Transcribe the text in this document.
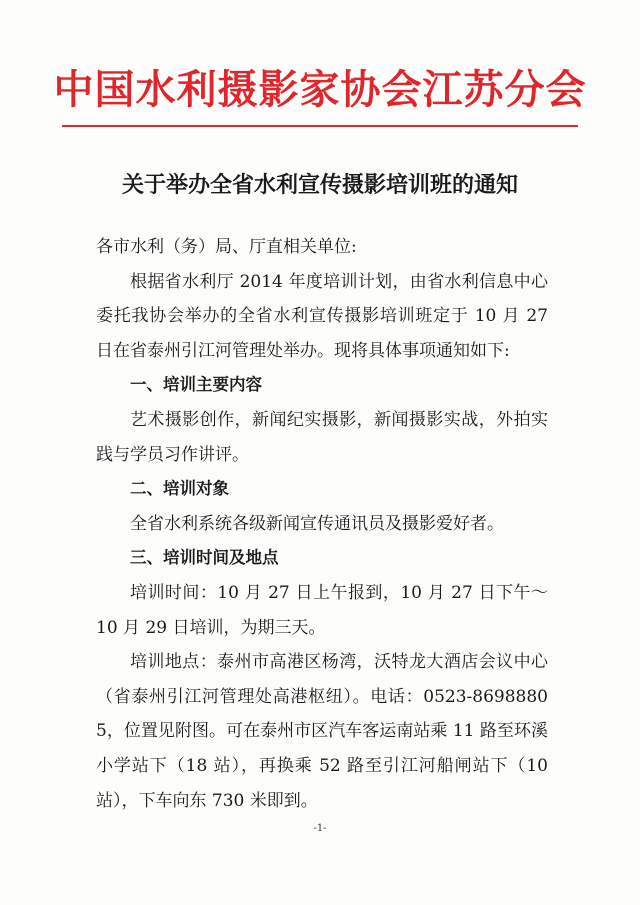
中国水利摄影家协会江苏分会
关于举办全省水利宣传摄影培训班的通知

各市水利（务）局、厅直相关单位:

根据省水利厅 2014 年度培训计划，由省水利信息中心委托我协会举办的全省水利宣传摄影培训班定于 10 月 27 日在省泰州引江河管理处举办。现将具体事项通知如下:

一、培训主要内容

艺术摄影创作，新闻纪实摄影，新闻摄影实战，外拍实践与学员习作讲评。

二、培训对象

全省水利系统各级新闻宣传通讯员及摄影爱好者。

三、培训时间及地点

培训时间：10 月 27 日上午报到，10 月 27 日下午～10 月 29 日培训，为期三天。

培训地点：泰州市高港区杨湾，沃特龙大酒店会议中心（省泰州引江河管理处高港枢纽）。电话：0523-86988805，位置见附图。可在泰州市区汽车客运南站乘 11 路至环溪小学站下（18 站），再换乘 52 路至引江河船闸站下（10 站），下车向东 730 米即到。

-1-
